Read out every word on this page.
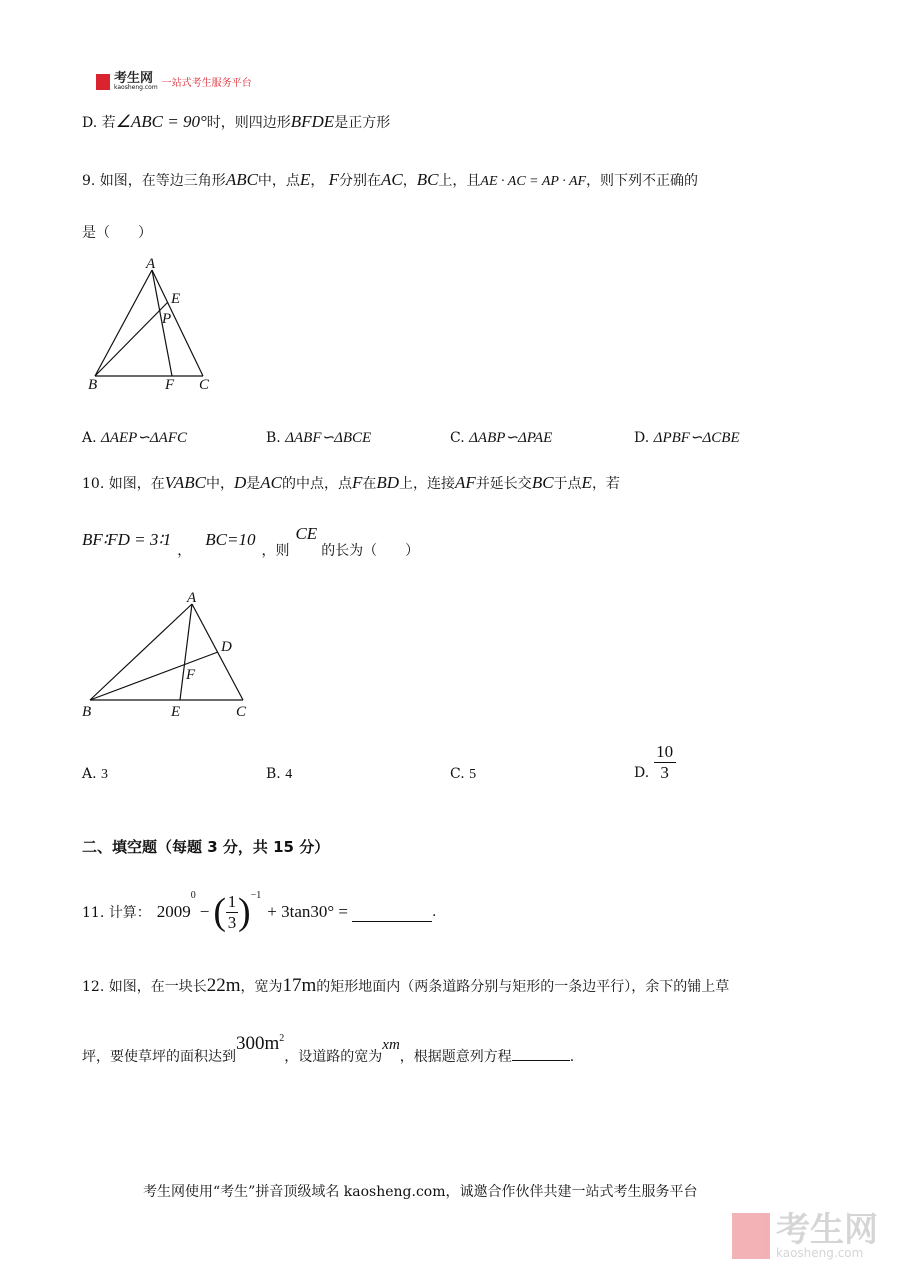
考生网
kaosheng.com 一站式考生服务平台
D. 若∠ABC = 90°时，则四边形BFDE是正方形
9. 如图，在等边三角形ABC中，点E， F分别在AC，BC上，且AE · AC = AP · AF，则下列不正确的
是（　　）
A
E
P
B	F C
A. ΔAEP∽ΔAFC	B. ΔABF∽ΔBCE	C. ΔABP∽ΔPAE	D. ΔPBF∽ΔCBE
10. 如图，在VABC中，D是AC的中点，点F在BD上，连接AF并延长交BC于点E，若
BF∶FD = 3∶1，BC=10，则CE的长为（　　）
A
D
F
B	E	C
A. 3	B. 4	C. 5	D. $\frac{10}{3}$
二、填空题（每题 3 分，共 15 分）
11. 计算： 2009
0
− ( $\frac{1}{3} )^{-1}$
+ 3tan30° =	.
12. 如图，在一块长22m，宽为17m的矩形地面内（两条道路分别与矩形的一条边平行），余下的铺上草
坪，要使草坪的面积达到$300m^2$，设道路的宽为xm，根据题意列方程	.
考生网使用“考生”拼音顶级域名 kaosheng.com，诚邀合作伙伴共建一站式考生服务平台
考生网
kaosheng.com
